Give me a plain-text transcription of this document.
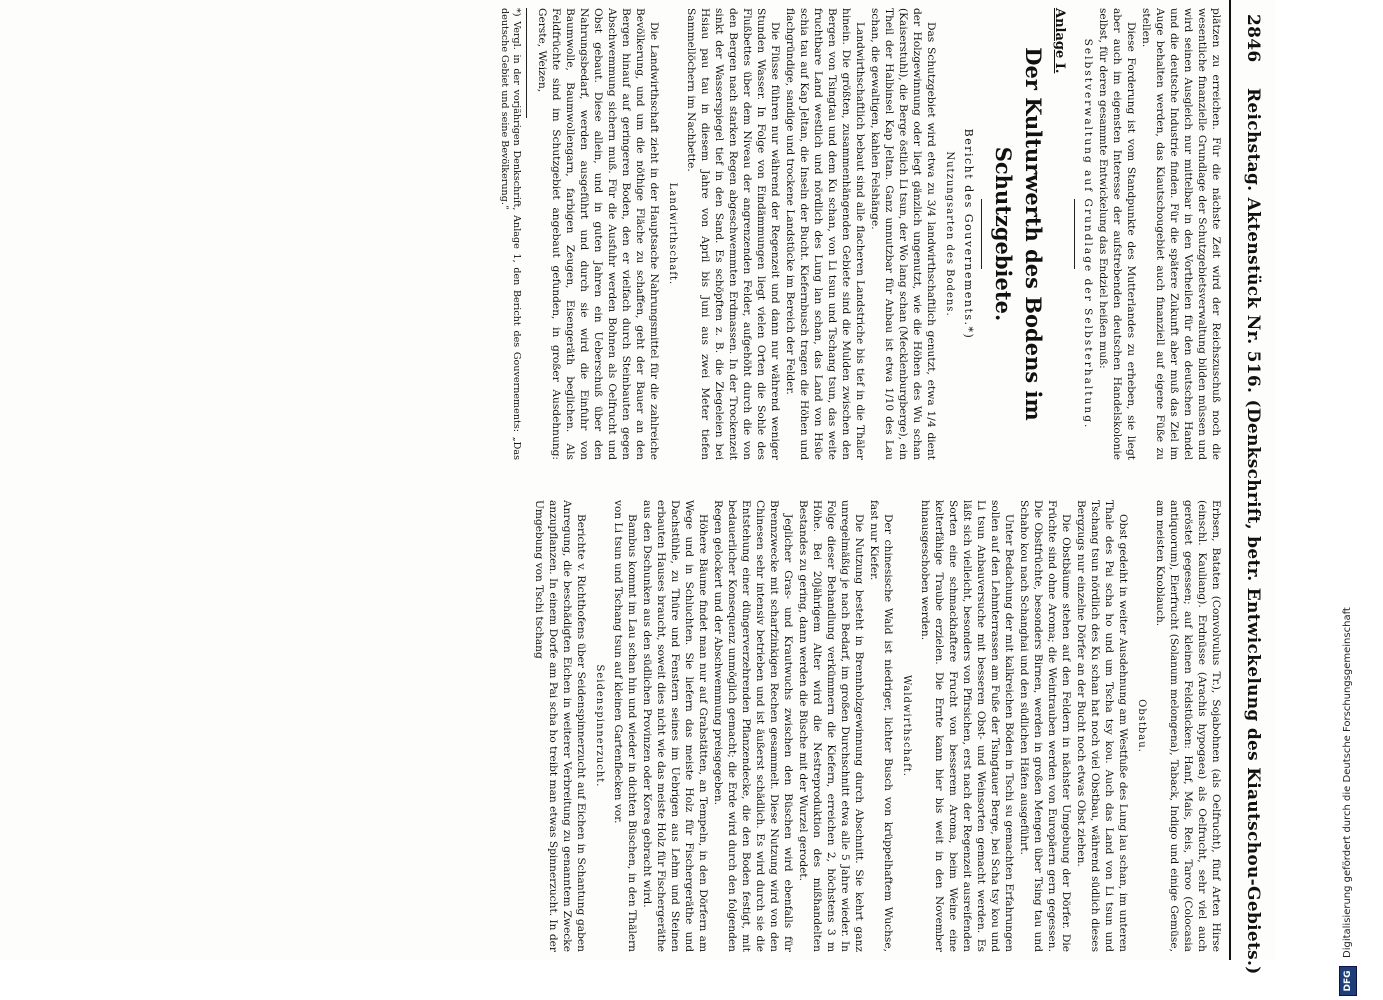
2846
Reichstag. Aktenstück Nr. 516. (Denkschrift, betr. Entwickelung des Kiautschou-Gebiets.)

plätzen zu erreichen. Für die nächste Zeit wird der Reichszuschuß noch die wesentliche finanzielle Grundlage der Schutzgebietsverwaltung bilden müssen und wird seinen Ausgleich nur mittelbar in den Vortheilen für den deutschen Handel und die deutsche Industrie finden. Für die spätere Zukunft aber muß das Ziel im Auge behalten werden, das Kiautschougebiet auch finanziell auf eigene Füße zu stellen.

Diese Forderung ist vom Standpunkte des Mutterlandes zu erheben, sie liegt aber auch im eigensten Interesse der aufstrebenden deutschen Handelskolonie selbst, für deren gesammte Entwickelung das Endziel heißen muß:

Selbstverwaltung auf Grundlage der Selbsterhaltung.

Anlage I.
Der Kulturwerth des Bodens im Schutzgebiete.
Bericht des Gouvernements.*)
Nutzungsarten des Bodens.

Das Schutzgebiet wird etwa zu 3/4 landwirthschaftlich genutzt, etwa 1/4 dient der Holzgewinnung oder liegt gänzlich ungenutzt, wie die Höhen des Wu schan (Kaiserstuhl), die Berge östlich Li tsun, der Wo lang schan (Mecklenburgberge), ein Theil der Halbinsel Kap Jeltan. Ganz unnutzbar für Anbau ist etwa 1/10 des Lau schan, die gewaltigen, kahlen Felshänge.

Landwirthschaftlich bebaut sind alle flacheren Landstriche bis tief in die Thäler hinein. Die größten, zusammenhängenden Gebiete sind die Mulden zwischen den Bergen von Tsingtau und dem Ku schan, von Li tsun und Tschang tsun, das weite fruchtbare Land westlich und nördlich des Lung lan schan, das Land von Hsüe schia tau auf Kap Jeltan, die Inseln der Bucht. Kiefernbusch tragen die Höhen und flachgründige, sandige und trockene Landstücke im Bereich der Felder.

Die Flüsse führen nur während der Regenzeit und dann nur während weniger Stunden Wasser. In Folge von Eindämmungen liegt vielen Orten die Sohle des Flußbettes über dem Niveau der angrenzenden Felder, aufgehöht durch die von den Bergen nach starken Regen abgeschwemmten Erdmassen. In der Trockenzeit sinkt der Wasserspiegel tief in den Sand. Es schöpften z. B. die Ziegeleien bei Hsiau pau tau in diesem Jahre von April bis Juni aus zwei Meter tiefen Sammellöchern im Nachbette.

Landwirthschaft.

Die Landwirthschaft zieht in der Hauptsache Nahrungsmittel für die zahlreiche Bevölkerung, und um die nöthige Fläche zu schaffen, geht der Bauer an den Bergen hinauf auf geringeren Boden, den er vielfach durch Steinbauten gegen Abschwemmung sichern muß. Für die Ausfuhr werden Bohnen als Oelfrucht und Obst gebaut. Diese allein, und in guten Jahren ein Ueberschuß über den Nahrungsbedarf, werden ausgeführt und durch sie wird die Einfuhr von Baumwolle, Baumwollengarn, farbigen Zeugen, Eisengeräth beglichen. Als Feldfrüchte sind im Schutzgebiet angebaut gefunden, in großer Ausdehnung: Gerste, Weizen,

*) Vergl. in der vorjährigen Denkschrift, Anlage 1, den Bericht des Gouvernements: „Das deutsche Gebiet und seine Bevölkerung.“

Erbsen, Bataten (Convolvulus Tr.), Sojabohnen (als Oelfrucht), fünf Arten Hirse (einschl. Kauliang). Erdnüsse (Arachis hypogaea) als Oelfrucht, sehr viel auch geröstet gegessen; auf kleinen Feldstücken: Hanf, Mais, Reis, Taroo (Colocasia antiquorum), Eierfrucht (Solanum melongena), Taback, Indigo und einige Gemüse, am meisten Knoblauch.

Obstbau.

Obst gedeiht in weiter Ausdehnung am Westfuße des Lung lau schan, im unteren Thale des Pai scha ho und um Tscha tsy kou. Auch das Land von Li tsun und Tschang tsun nördlich des Ku schan hat noch viel Obstbau, während südlich dieses Bergzugs nur einzelne Dörfer an der Bucht noch etwas Obst ziehen.

Die Obstbäume stehen auf den Feldern in nächster Umgebung der Dörfer. Die Früchte sind ohne Aroma; die Weintrauben werden von Europäern gern gegessen. Die Obstfrüchte, besonders Birnen, werden in großen Mengen über Tsing tau und Schaho kou nach Schanghai und den südlichen Häfen ausgeführt.

Unter Bedachung der mit kalkreichen Böden in Tschi su gemachten Erfahrungen sollen auf den Lehmterrassen am Fuße der Tsingtauer Berge, bei Scha tsy kou und Li tsun Anbauversuche mit besseren Obst- und Weinsorten gemacht werden. Es läßt sich vielleicht, besonders von Pfirsichen, erst nach der Regenzeit ausreifenden Sorten eine schmackhaftere Frucht von besserem Aroma, beim Weine eine kelterfähige Traube erzielen. Die Ernte kann hier bis weit in den November hinausgeschoben werden.

Waldwirthschaft.

Der chinesische Wald ist niedriger, lichter Busch von krüppelhaftem Wuchse, fast nur Kiefer.

Die Nutzung besteht in Brennholzgewinnung durch Abschnitt. Sie kehrt ganz unregelmäßig je nach Bedarf, im großen Durchschnitt etwa alle 5 Jahre wieder. In Folge dieser Behandlung verkümmern die Kiefern, erreichen 2, höchstens 3 m Höhe. Bei 20jährigem Alter wird die Nestreproduktion des mißhandelten Bestandes zu gering, dann werden die Büsche mit der Wurzel gerodet.

Jeglicher Gras- und Krautwuchs zwischen den Büschen wird ebenfalls für Brennzwecke mit scharfzinkigen Rechen gesammelt. Diese Nutzung wird von den Chinesen sehr intensiv betrieben und ist äußerst schädlich. Es wird durch sie die Entstehung einer düngerverzehrenden Pflanzendecke, die den Boden festigt, mit bedauerlicher Konsequenz unmöglich gemacht; die Erde wird durch den folgenden Regen gelockert und der Abschwemmung preisgegeben.

Höhere Bäume findet man nur auf Grabstätten, an Tempeln, in den Dörfern am Wege und in Schluchten. Sie liefern das meiste Holz für Fischergeräthe und Dachstühle, zu Thüre und Fenstern seines im Uebrigen aus Lehm und Steinen erbauten Hauses braucht, soweit dies nicht wie das meiste Holz für Fischergeräthe aus den Dschunken aus den südlichen Provinzen oder Korea gebracht wird.

Bambus kommt im Lau schan hin und wieder in dichten Büschen, in den Thälern von Li tsun und Tschang tsun auf kleinen Gartenflecken vor.

Seidenspinnerzucht.

Berichte v. Richthofens über Seidenspinnerzucht auf Eichen in Schantung gaben Anregung, die beschädigten Eichen in weiterer Verbreitung zu genanntem Zwecke anzupflanzen. In einem Dorfe am Pai scha ho treibt man etwas Spinnerzucht. In der Umgebung von Tschi tschang

Digitalisierung gefördert durch die Deutsche Forschungsgemeinschaft
DFG
